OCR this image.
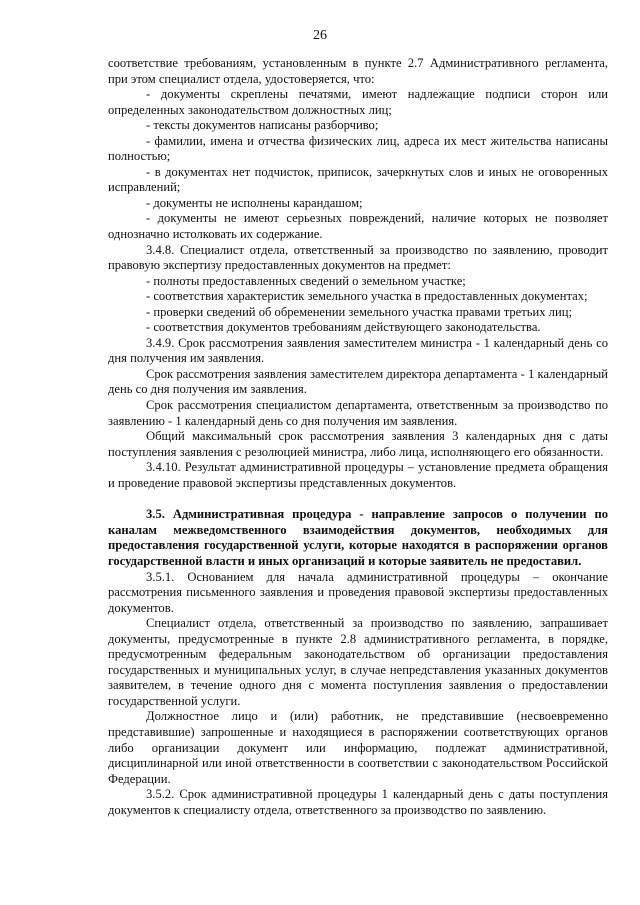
26

соответствие требованиям, установленным в пункте 2.7 Административного регламента, при этом специалист отдела, удостоверяется, что:

- документы скреплены печатями, имеют надлежащие подписи сторон или определенных законодательством должностных лиц;

- тексты документов написаны разборчиво;

- фамилии, имена и отчества физических лиц, адреса их мест жительства написаны полностью;

- в документах нет подчисток, приписок, зачеркнутых слов и иных не оговоренных исправлений;

- документы не исполнены карандашом;

- документы не имеют серьезных повреждений, наличие которых не позволяет однозначно истолковать их содержание.

3.4.8. Специалист отдела, ответственный за производство по заявлению, проводит правовую экспертизу предоставленных документов на предмет:

- полноты предоставленных сведений о земельном участке;

- соответствия характеристик земельного участка в предоставленных документах;

- проверки сведений об обременении земельного участка правами третьих лиц;

- соответствия документов требованиям действующего законодательства.

3.4.9. Срок рассмотрения заявления заместителем министра - 1 календарный день со дня получения им заявления.

Срок рассмотрения заявления заместителем директора департамента - 1 календарный день со дня получения им заявления.

Срок рассмотрения специалистом департамента, ответственным за производство по заявлению - 1 календарный день со дня получения им заявления.

Общий максимальный срок рассмотрения заявления 3 календарных дня с даты поступления заявления с резолюцией министра, либо лица, исполняющего его обязанности.

3.4.10. Результат административной процедуры – установление предмета обращения и проведение правовой экспертизы представленных документов.

3.5. Административная процедура - направление запросов о получении по каналам межведомственного взаимодействия документов, необходимых для предоставления государственной услуги, которые находятся в распоряжении органов государственной власти и иных организаций и которые заявитель не предоставил.

3.5.1. Основанием для начала административной процедуры – окончание рассмотрения письменного заявления и проведения правовой экспертизы предоставленных документов.

Специалист отдела, ответственный за производство по заявлению, запрашивает документы, предусмотренные в пункте 2.8 административного регламента, в порядке, предусмотренным федеральным законодательством об организации предоставления государственных и муниципальных услуг, в случае непредставления указанных документов заявителем, в течение одного дня с момента поступления заявления о предоставлении государственной услуги.

Должностное лицо и (или) работник, не представившие (несвоевременно представившие) запрошенные и находящиеся в распоряжении соответствующих органов либо организации документ или информацию, подлежат административной, дисциплинарной или иной ответственности в соответствии с законодательством Российской Федерации.

3.5.2. Срок административной процедуры 1 календарный день с даты поступления документов к специалисту отдела, ответственного за производство по заявлению.
